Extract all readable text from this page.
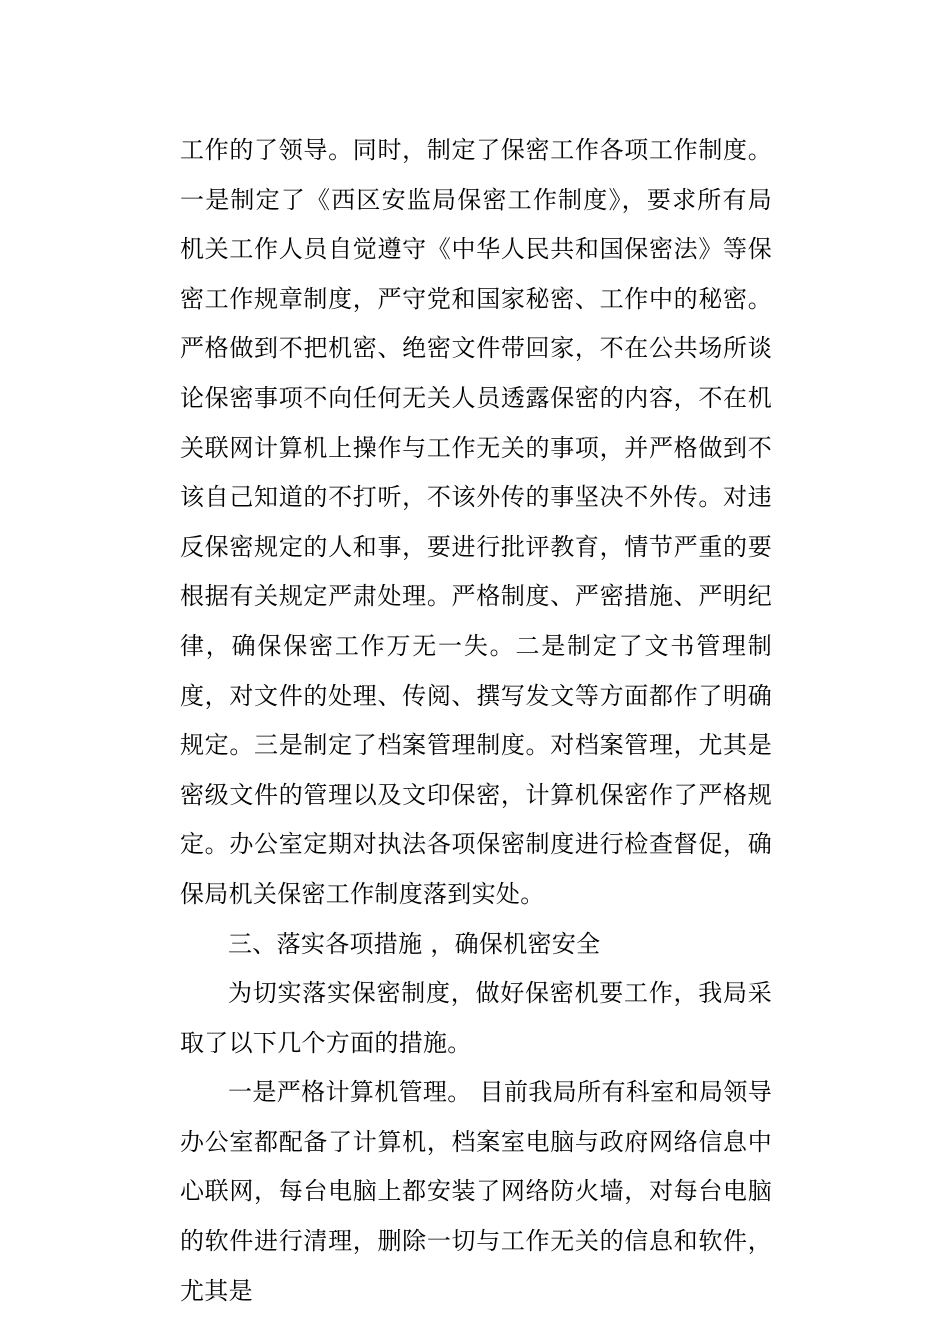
工作的了领导。同时，制定了保密工作各项工作制度。一是制定了《西区安监局保密工作制度》，要求所有局机关工作人员自觉遵守《中华人民共和国保密法》等保密工作规章制度，严守党和国家秘密、工作中的秘密。严格做到不把机密、绝密文件带回家，不在公共场所谈论保密事项不向任何无关人员透露保密的内容，不在机关联网计算机上操作与工作无关的事项，并严格做到不该自己知道的不打听，不该外传的事坚决不外传。对违反保密规定的人和事，要进行批评教育，情节严重的要根据有关规定严肃处理。严格制度、严密措施、严明纪律，确保保密工作万无一失。二是制定了文书管理制度，对文件的处理、传阅、撰写发文等方面都作了明确规定。三是制定了档案管理制度。对档案管理，尤其是密级文件的管理以及文印保密，计算机保密作了严格规定。办公室定期对执法各项保密制度进行检查督促，确保局机关保密工作制度落到实处。

三、落实各项措施 ，确保机密安全

为切实落实保密制度，做好保密机要工作，我局采取了以下几个方面的措施。

一是严格计算机管理。 目前我局所有科室和局领导办公室都配备了计算机，档案室电脑与政府网络信息中心联网，每台电脑上都安装了网络防火墙，对每台电脑的软件进行清理，删除一切与工作无关的信息和软件，尤其是
